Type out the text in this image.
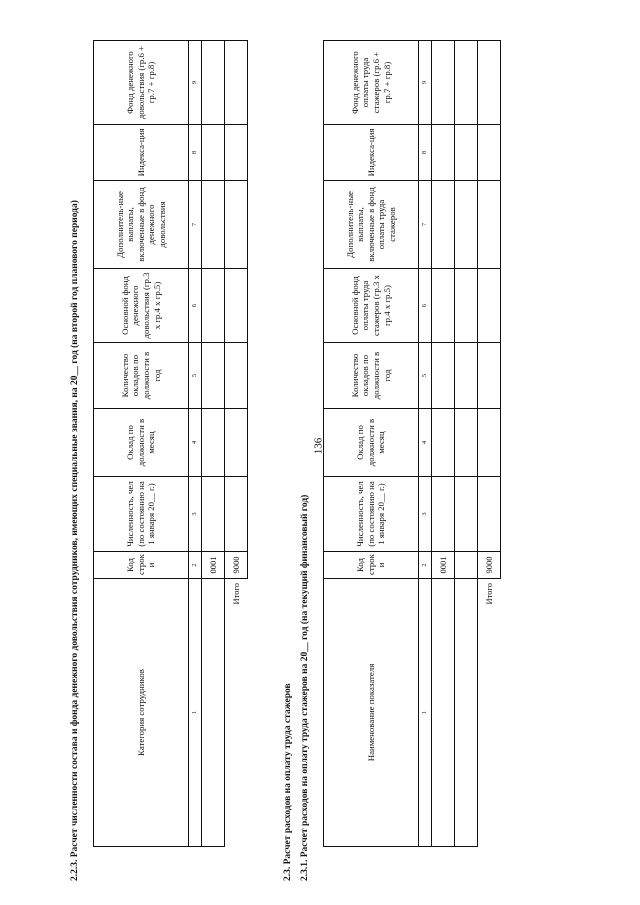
136
2.2.3. Расчет численности состава и фонда денежного довольствия сотрудников, имеющих специальные звания, на 20__ год (на второй год планового периода)	Категория сотрудников	Код строк и	Численность, чел (по состоянию на 1 января 20__ г.)	Оклад по должности в месяц	Количество окладов по должности в год	Основной фонд денежного довольствия (гр.3 х гр.4 х гр.5)	Дополнитель-ные выплаты, включенные в фонд денежного довольствия	Индекса-ция	Фонд денежного довольствия (гр.6 + гр.7 + гр.8)
1	2	3	4	5	6	7	8	9
	0001							
Итого	9000							
2.3. Расчет расходов на оплату труда стажеров 2.3.1. Расчет расходов на оплату труда стажеров на 20__ год (на текущий финансовый год)	Наименование показателя	Код строк и	Численность, чел (по состоянию на 1 января 20__ г.)	Оклад по должности в месяц	Количество окладов по должности в год	Основной фонд оплаты труда стажеров (гр.3 х гр.4 х гр.5)	Дополнитель-ные выплаты, включенные в фонд оплаты труда стажеров	Индекса-ция	Фонд денежного оплаты труда стажеров (гр.6 + гр.7 + гр.8)
1	2	3	4	5	6	7	8	9
	0001							

Итого	9000							
